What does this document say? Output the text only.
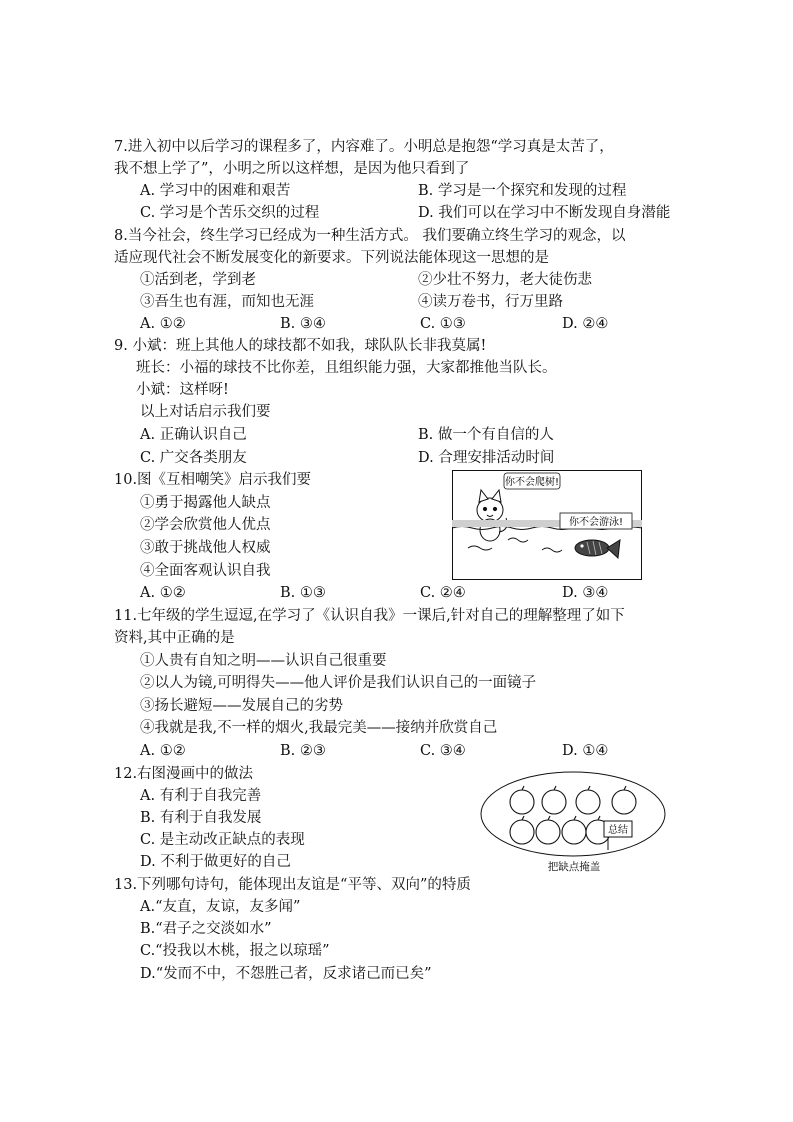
7.进入初中以后学习的课程多了，内容难了。小明总是抱怨“学习真是太苦了，
我不想上学了”，小明之所以这样想，是因为他只看到了
A. 学习中的困难和艰苦	B. 学习是一个探究和发现的过程
C. 学习是个苦乐交织的过程	D. 我们可以在学习中不断发现自身潜能
8.当今社会，终生学习已经成为一种生活方式。 我们要确立终生学习的观念，以
适应现代社会不断发展变化的新要求。下列说法能体现这一思想的是
①活到老，学到老	②少壮不努力，老大徒伤悲
③吾生也有涯，而知也无涯	④读万卷书，行万里路
A. ①②	B. ③④	C. ①③	D. ②④
9. 小斌：班上其他人的球技都不如我，球队队长非我莫属!
班长：小福的球技不比你差，且组织能力强，大家都推他当队长。
小斌：这样呀!
以上对话启示我们要
A. 正确认识自己	B. 做一个有自信的人
C. 广交各类朋友	D. 合理安排活动时间
10.图《互相嘲笑》启示我们要
①勇于揭露他人缺点
②学会欣赏他人优点
③敢于挑战他人权威
④全面客观认识自我
A. ①②	B. ①③	C. ②④	D. ③④
你不会爬树!
你不会游泳!
11.七年级的学生逗逗,在学习了《认识自我》一课后,针对自己的理解整理了如下
资料,其中正确的是
①人贵有自知之明——认识自己很重要
②以人为镜,可明得失——他人评价是我们认识自己的一面镜子
③扬长避短——发展自己的劣势
④我就是我,不一样的烟火,我最完美——接纳并欣赏自己
A. ①②	B. ②③	C. ③④	D. ①④
12.右图漫画中的做法
A. 有利于自我完善
B. 有利于自我发展
C. 是主动改正缺点的表现
D. 不利于做更好的自己
总结
把缺点掩盖
13.下列哪句诗句，能体现出友谊是“平等、双向”的特质
A.“友直，友谅，友多闻”
B.“君子之交淡如水”
C.“投我以木桃，报之以琼瑶”
D.“发而不中，不怨胜己者，反求诸己而已矣”
